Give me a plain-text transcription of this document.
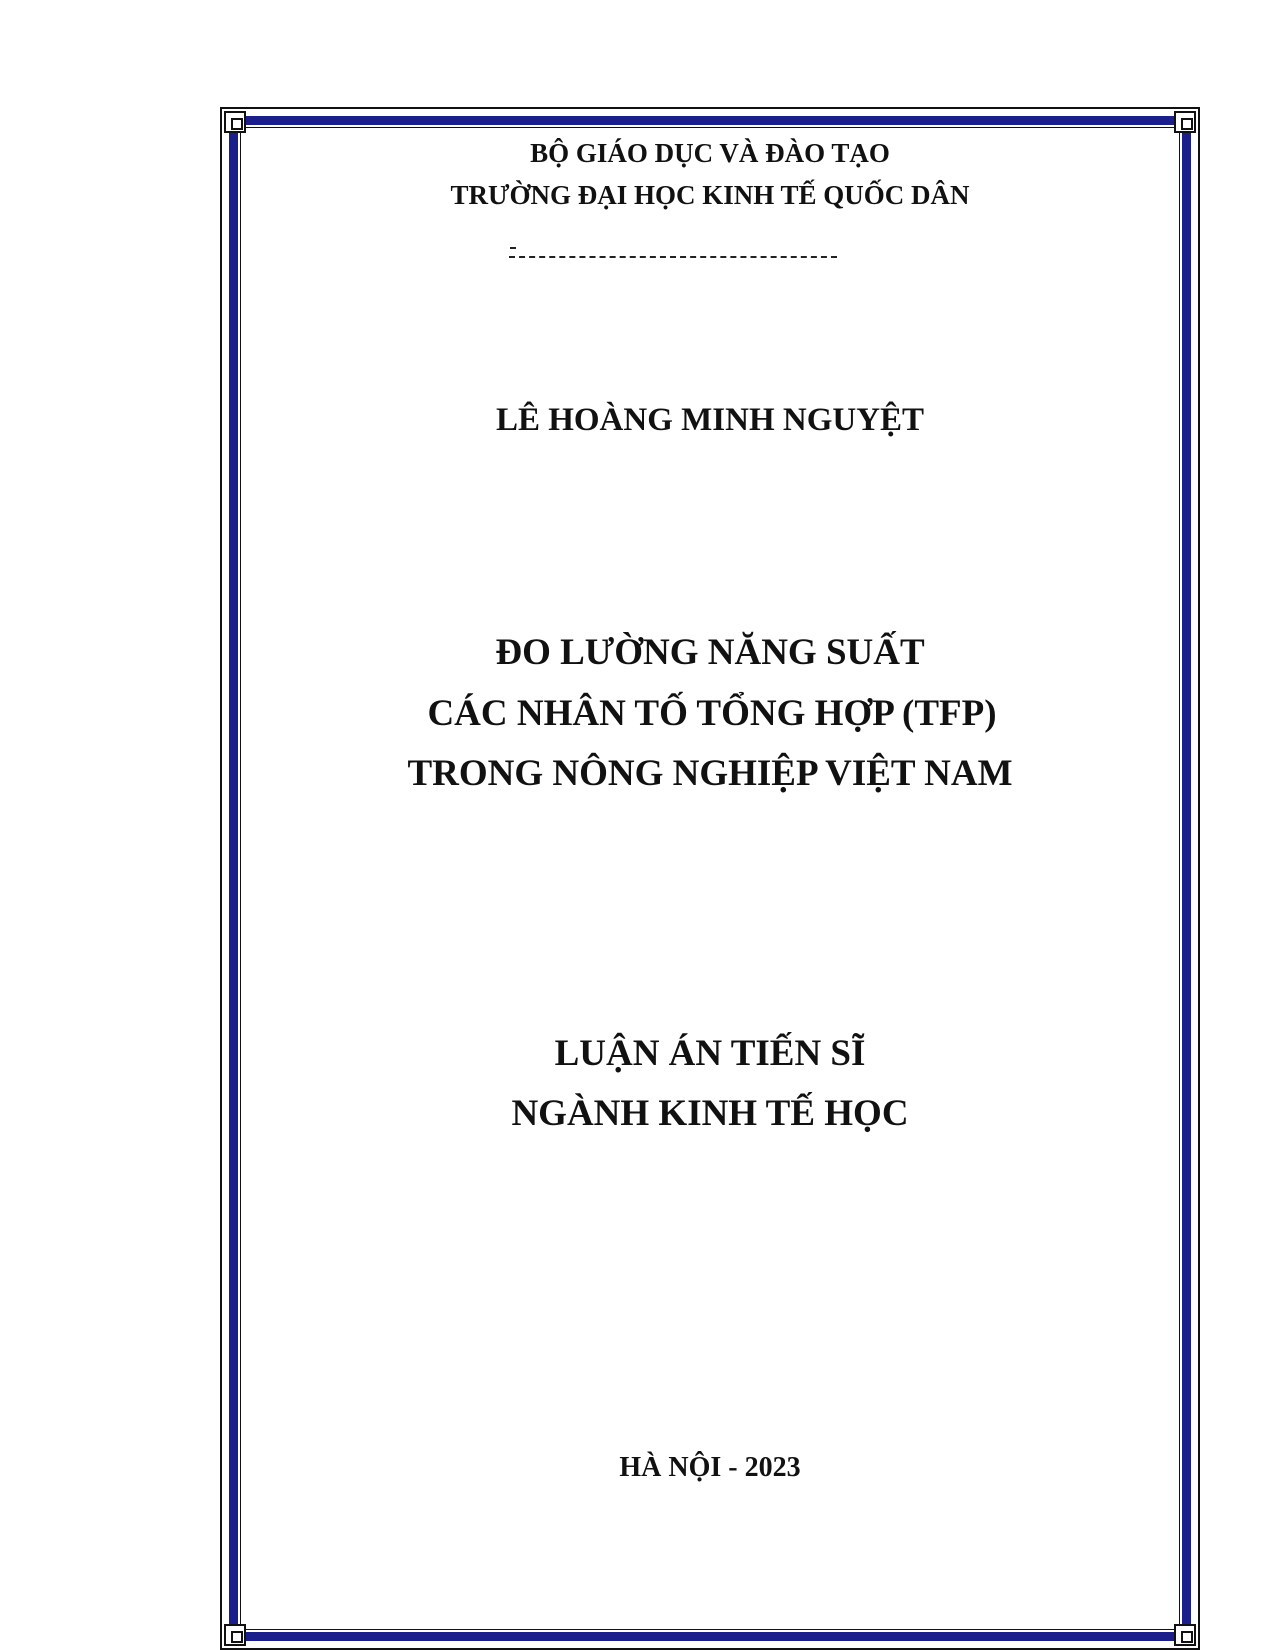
BỘ GIÁO DỤC VÀ ĐÀO TẠO
TRƯỜNG ĐẠI HỌC KINH TẾ QUỐC DÂN
LÊ HOÀNG MINH NGUYỆT
ĐO LƯỜNG NĂNG SUẤT
CÁC NHÂN TỐ TỔNG HỢP (TFP)
TRONG NÔNG NGHIỆP VIỆT NAM
LUẬN ÁN TIẾN SĨ
NGÀNH KINH TẾ HỌC
HÀ NỘI - 2023
